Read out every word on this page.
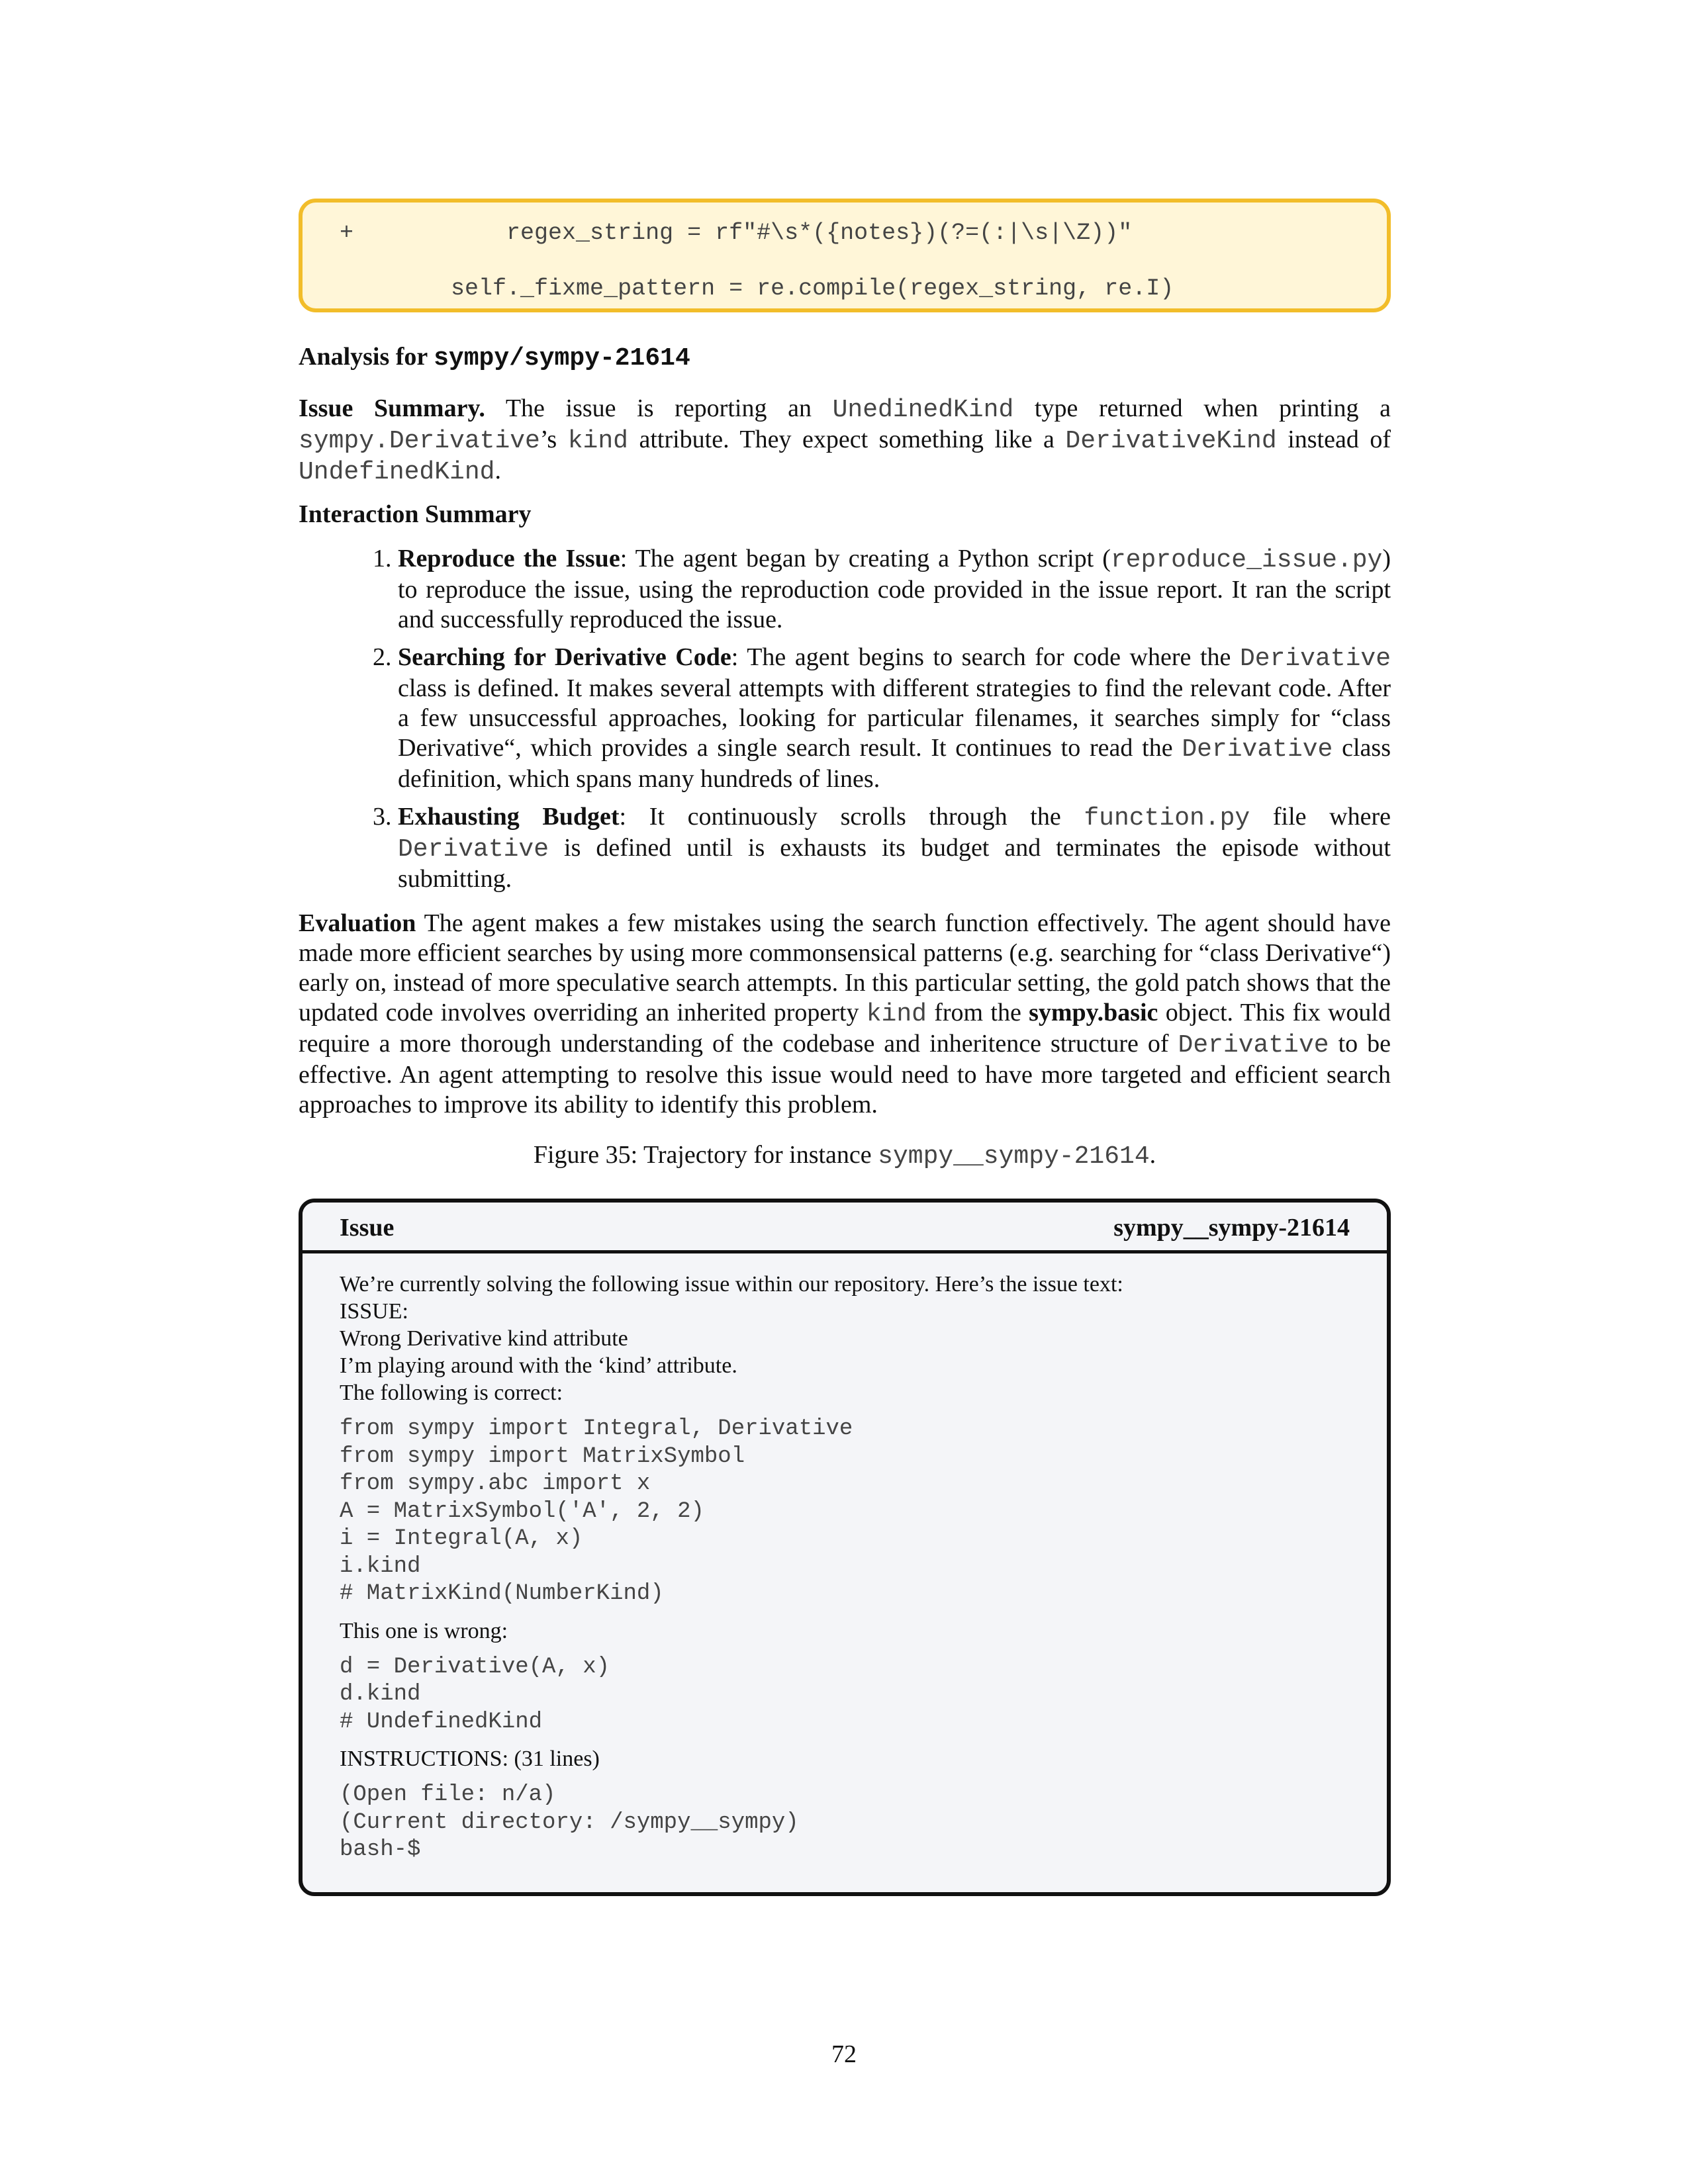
+           regex_string = rf"#\s*({notes})(?=(:|\s|\Z))"
self._fixme_pattern = re.compile(regex_string, re.I)
Analysis for sympy/sympy-21614

Issue Summary. The issue is reporting an UnedinedKind type returned when printing a sympy.Derivative’s kind attribute. They expect something like a DerivativeKind instead of UndefinedKind.

Interaction Summary
1. Reproduce the Issue: The agent began by creating a Python script (reproduce_issue.py) to reproduce the issue, using the reproduction code provided in the issue report. It ran the script and successfully reproduced the issue.
2. Searching for Derivative Code: The agent begins to search for code where the Derivative class is defined. It makes several attempts with different strategies to find the relevant code. After a few unsuccessful approaches, looking for particular filenames, it searches simply for “class Derivative“, which provides a single search result. It continues to read the Derivative class definition, which spans many hundreds of lines.
3. Exhausting Budget: It continuously scrolls through the function.py file where Derivative is defined until is exhausts its budget and terminates the episode without submitting.

Evaluation The agent makes a few mistakes using the search function effectively. The agent should have made more efficient searches by using more commonsensical patterns (e.g. searching for “class Derivative“) early on, instead of more speculative search attempts. In this particular setting, the gold patch shows that the updated code involves overriding an inherited property kind from the sympy.basic object. This fix would require a more thorough understanding of the codebase and inheritence structure of Derivative to be effective. An agent attempting to resolve this issue would need to have more targeted and efficient search approaches to improve its ability to identify this problem.

Figure 35: Trajectory for instance sympy__sympy-21614.
Issue	sympy__sympy-21614
We’re currently solving the following issue within our repository. Here’s the issue text:
ISSUE:
Wrong Derivative kind attribute
I’m playing around with the ‘kind’ attribute.
The following is correct:
from sympy import Integral, Derivative
from sympy import MatrixSymbol
from sympy.abc import x
A = MatrixSymbol('A', 2, 2)
i = Integral(A, x)
i.kind
# MatrixKind(NumberKind)
This one is wrong:
d = Derivative(A, x)
d.kind
# UndefinedKind
INSTRUCTIONS: (31 lines)
(Open file: n/a)
(Current directory: /sympy__sympy)
bash-$
72
